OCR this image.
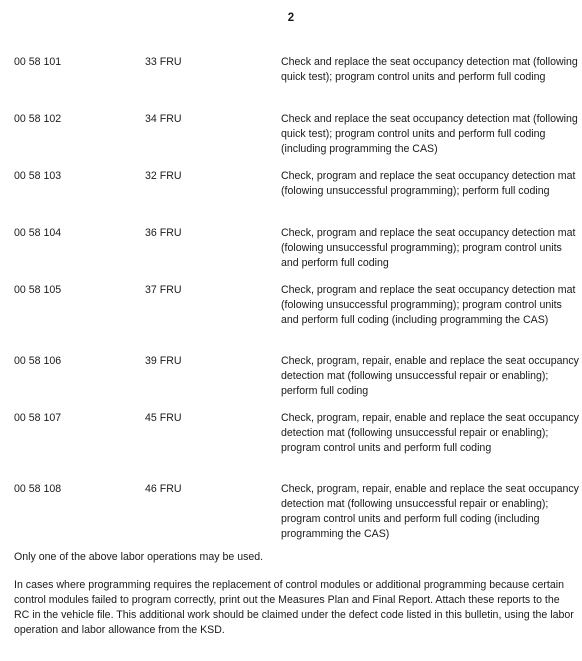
2
00 58 101	33 FRU	Check and replace the seat occupancy detection mat (following quick test); program control units and perform full coding
00 58 102	34 FRU	Check and replace the seat occupancy detection mat (following quick test); program control units and perform full coding (including programming the CAS)
00 58 103	32 FRU	Check, program and replace the seat occupancy detection mat (folowing unsuccessful programming); perform full coding
00 58 104	36 FRU	Check, program and replace the seat occupancy detection mat (folowing unsuccessful programming); program control units and perform full coding
00 58 105	37 FRU	Check, program and replace the seat occupancy detection mat (folowing unsuccessful programming); program control units and perform full coding (including programming the CAS)
00 58 106	39 FRU	Check, program, repair, enable and replace the seat occupancy detection mat (following unsuccessful repair or enabling); perform full coding
00 58 107	45 FRU	Check, program, repair, enable and replace the seat occupancy detection mat (following unsuccessful repair or enabling); program control units and perform full coding
00 58 108	46 FRU	Check, program, repair, enable and replace the seat occupancy detection mat (following unsuccessful repair or enabling); program control units and perform full coding (including programming the CAS)
Only one of the above labor operations may be used.
In cases where programming requires the replacement of control modules or additional programming because certain control modules failed to program correctly, print out the Measures Plan and Final Report. Attach these reports to the RC in the vehicle file. This additional work should be claimed under the defect code listed in this bulletin, using the labor operation and labor allowance from the KSD.
